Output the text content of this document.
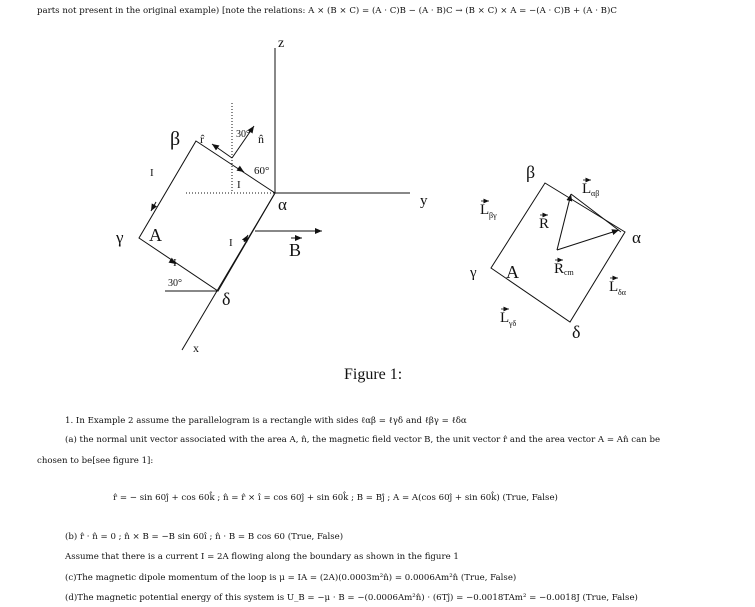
parts not present in the original example) [note the relations: A × (B × C) = (A · C)B − (A · B)C → (B × C) × A = −(A · C)B + (A · B)C
z
y
x
β
γ A
α
δ
r̂	n̂
30°
60°
30°
I
I
I
I
B
β
α
γ A
δ
L αβ
L βγ
L γδ
L δα
R
R cm
Figure 1:
1. In Example 2 assume the parallelogram is a rectangle with sides ℓαβ = ℓγδ and ℓβγ = ℓδα
(a) the normal unit vector associated with the area A, n̂, the magnetic field vector B, the unit vector r̂ and the area vector A = An̂ can be
chosen to be[see figure 1]:
r̂ = − sin 60ĵ + cos 60k̂ ; n̂ = r̂ × î = cos 60ĵ + sin 60k̂ ; B = Bĵ ; A = A(cos 60ĵ + sin 60k̂) (True, False)
(b) r̂ · n̂ = 0 ; n̂ × B = −B sin 60î ; n̂ · B = B cos 60 (True, False)
Assume that there is a current I = 2A flowing along the boundary as shown in the figure 1
(c)The magnetic dipole momentum of the loop is μ = IA = (2A)(0.0003m²n̂) = 0.0006Am²n̂ (True, False)
(d)The magnetic potential energy of this system is U_B = −μ · B = −(0.0006Am²n̂) · (6Tĵ) = −0.0018TAm² = −0.0018J (True, False)
